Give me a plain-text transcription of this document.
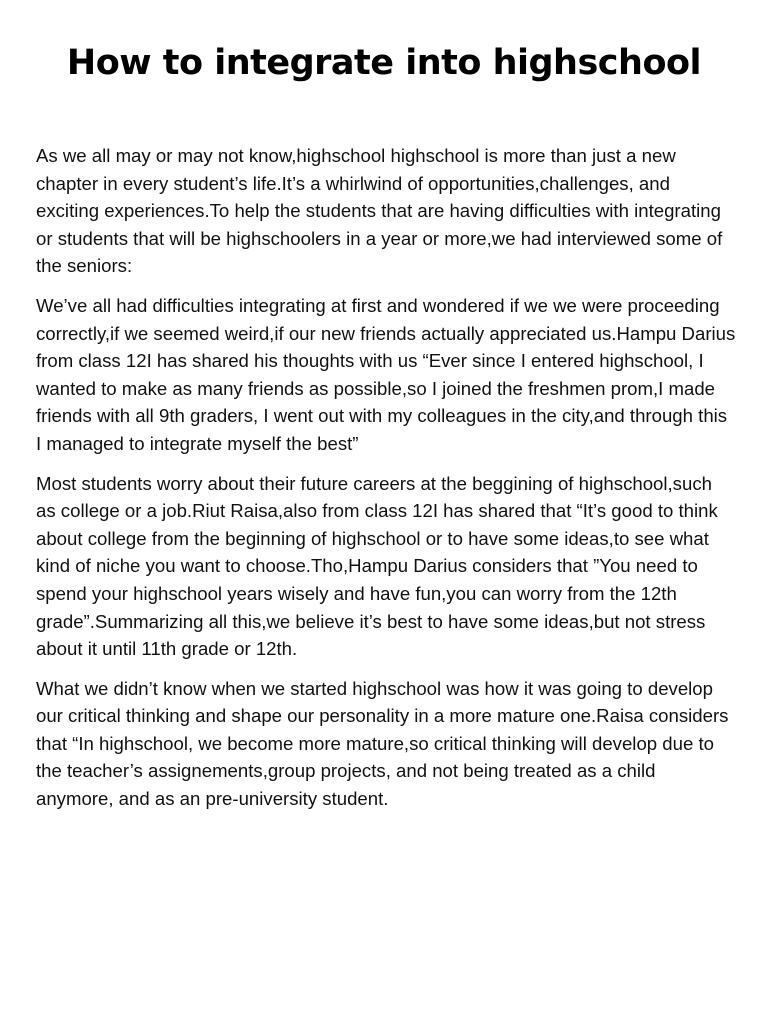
How to integrate into highschool

As we all may or may not know,highschool highschool is more than just a new chapter in every student’s life.It’s a whirlwind of opportunities,challenges, and exciting experiences.To help the students that are having difficulties with integrating or students that will be highschoolers in a year or more,we had interviewed some of the seniors:

We’ve all had difficulties integrating at first and wondered if we we were proceeding correctly,if we seemed weird,if our new friends actually appreciated us.Hampu Darius from class 12I has shared his thoughts with us “Ever since I entered highschool, I wanted to make as many friends as possible,so I joined the freshmen prom,I made friends with all 9th graders, I went out with my colleagues in the city,and through this I managed to integrate myself the best”

Most students worry about their future careers at the beggining of highschool,such as college or a job.Riut Raisa,also from class 12I has shared that “It’s good to think about college from the beginning of highschool or to have some ideas,to see what kind of niche you want to choose.Tho,Hampu Darius considers that ”You need to spend your highschool years wisely and have fun,you can worry from the 12th grade”.Summarizing all this,we believe it’s best to have some ideas,but not stress about it until 11th grade or 12th.

What we didn’t know when we started highschool was how it was going to develop our critical thinking and shape our personality in a more mature one.Raisa considers that “In highschool, we become more mature,so critical thinking will develop due to the teacher’s assignements,group projects, and not being treated as a child anymore, and as an pre-university student.
